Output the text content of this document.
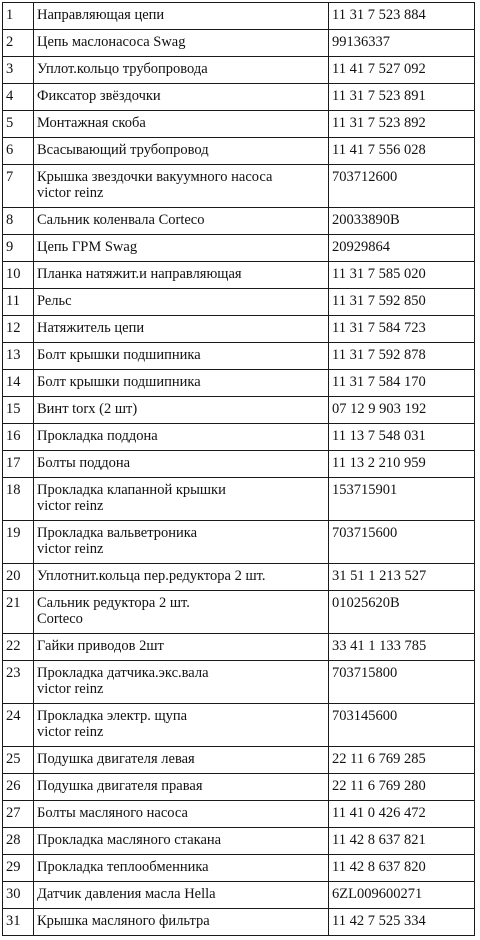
1	Направляющая цепи	11 31 7 523 884
2	Цепь маслонасоса Swag	99136337
3	Уплот.кольцо трубопровода	11 41 7 527 092
4	Фиксатор звёздочки	11 31 7 523 891
5	Монтажная скоба	11 31 7 523 892
6	Всасывающий трубопровод	11 41 7 556 028
7	Крышка звездочки вакуумного насоса
victor reinz	703712600
8	Сальник коленвала Corteco	20033890B
9	Цепь ГРМ Swag	20929864
10	Планка натяжит.и направляющая	11 31 7 585 020
11	Рельс	11 31 7 592 850
12	Натяжитель цепи	11 31 7 584 723
13	Болт крышки подшипника	11 31 7 592 878
14	Болт крышки подшипника	11 31 7 584 170
15	Винт torx (2 шт)	07 12 9 903 192
16	Прокладка поддона	11 13 7 548 031
17	Болты поддона	11 13 2 210 959
18	Прокладка клапанной крышки
victor reinz	153715901
19	Прокладка вальветроника
victor reinz	703715600
20	Уплотнит.кольца пер.редуктора 2 шт.	31 51 1 213 527
21	Сальник редуктора 2 шт.
Corteco	01025620B
22	Гайки приводов 2шт	33 41 1 133 785
23	Прокладка датчика.экс.вала
victor reinz	703715800
24	Прокладка электр. щупа
victor reinz	703145600
25	Подушка двигателя левая	22 11 6 769 285
26	Подушка двигателя правая	22 11 6 769 280
27	Болты масляного насоса	11 41 0 426 472
28	Прокладка масляного стакана	11 42 8 637 821
29	Прокладка теплообменника	11 42 8 637 820
30	Датчик давления масла Hella	6ZL009600271
31	Крышка масляного фильтра	11 42 7 525 334
